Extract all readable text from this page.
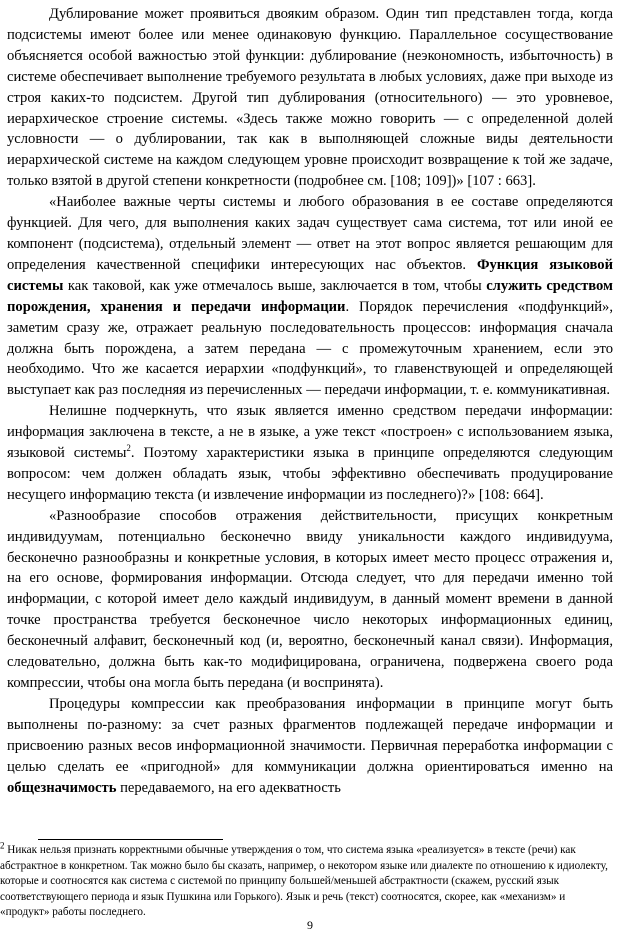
Дублирование может проявиться двояким образом. Один тип представлен тогда, когда подсистемы имеют более или менее одинаковую функцию. Параллельное сосуществование объясняется особой важностью этой функции: дублирование (неэкономность, избыточность) в системе обеспечивает выполнение требуемого результата в любых условиях, даже при выходе из строя каких-то подсистем. Другой тип дублирования (относительного) — это уровневое, иерархическое строение системы. «Здесь также можно говорить — с определенной долей условности — о дублировании, так как в выполняющей сложные виды деятельности иерархической системе на каждом следующем уровне происходит возвращение к той же задаче, только взятой в другой степени конкретности (подробнее см. [108; 109])» [107 : 663].

«Наиболее важные черты системы и любого образования в ее составе определяются функцией. Для чего, для выполнения каких задач существует сама система, тот или иной ее компонент (подсистема), отдельный элемент — ответ на этот вопрос является решающим для определения качественной специфики интересующих нас объектов. Функция языковой системы как таковой, как уже отмечалось выше, заключается в том, чтобы служить средством порождения, хранения и передачи информации. Порядок перечисления «подфункций», заметим сразу же, отражает реальную последовательность процессов: информация сначала должна быть порождена, а затем передана — с промежуточным хранением, если это необходимо. Что же касается иерархии «подфункций», то главенствующей и определяющей выступает как раз последняя из перечисленных — передачи информации, т. е. коммуникативная.

Нелишне подчеркнуть, что язык является именно средством передачи информации: информация заключена в тексте, а не в языке, а уже текст «построен» с использованием языка, языковой системы$^2$. Поэтому характеристики языка в принципе определяются следующим вопросом: чем должен обладать язык, чтобы эффективно обеспечивать продуцирование несущего информацию текста (и извлечение информации из последнего)?» [108: 664].

«Разнообразие способов отражения действительности, присущих конкретным индивидуумам, потенциально бесконечно ввиду уникальности каждого индивидуума, бесконечно разнообразны и конкретные условия, в которых имеет место процесс отражения и, на его основе, формирования информации. Отсюда следует, что для передачи именно той информации, с которой имеет дело каждый индивидуум, в данный момент времени в данной точке пространства требуется бесконечное число некоторых информационных единиц, бесконечный алфавит, бесконечный код (и, вероятно, бесконечный канал связи). Информация, следовательно, должна быть как-то модифицирована, ограничена, подвержена своего рода компрессии, чтобы она могла быть передана (и воспринята).

Процедуры компрессии как преобразования информации в принципе могут быть выполнены по-разному: за счет разных фрагментов подлежащей передаче информации и присвоению разных весов информационной значимости. Первичная переработка информации с целью сделать ее «пригодной» для коммуникации должна ориентироваться именно на общезначимость передаваемого, на его адекватность

$^2$ Никак нельзя признать корректными обычные утверждения о том, что система языка «реализуется» в тексте (речи) как абстрактное в конкретном. Так можно было бы сказать, например, о некотором языке или диалекте по отношению к идиолекту, которые и соотносятся как система с системой по принципу большей/меньшей абстрактности (скажем, русский язык соответствующего периода и язык Пушкина или Горького). Язык и речь (текст) соотносятся, скорее, как «механизм» и «продукт» работы последнего.

9
